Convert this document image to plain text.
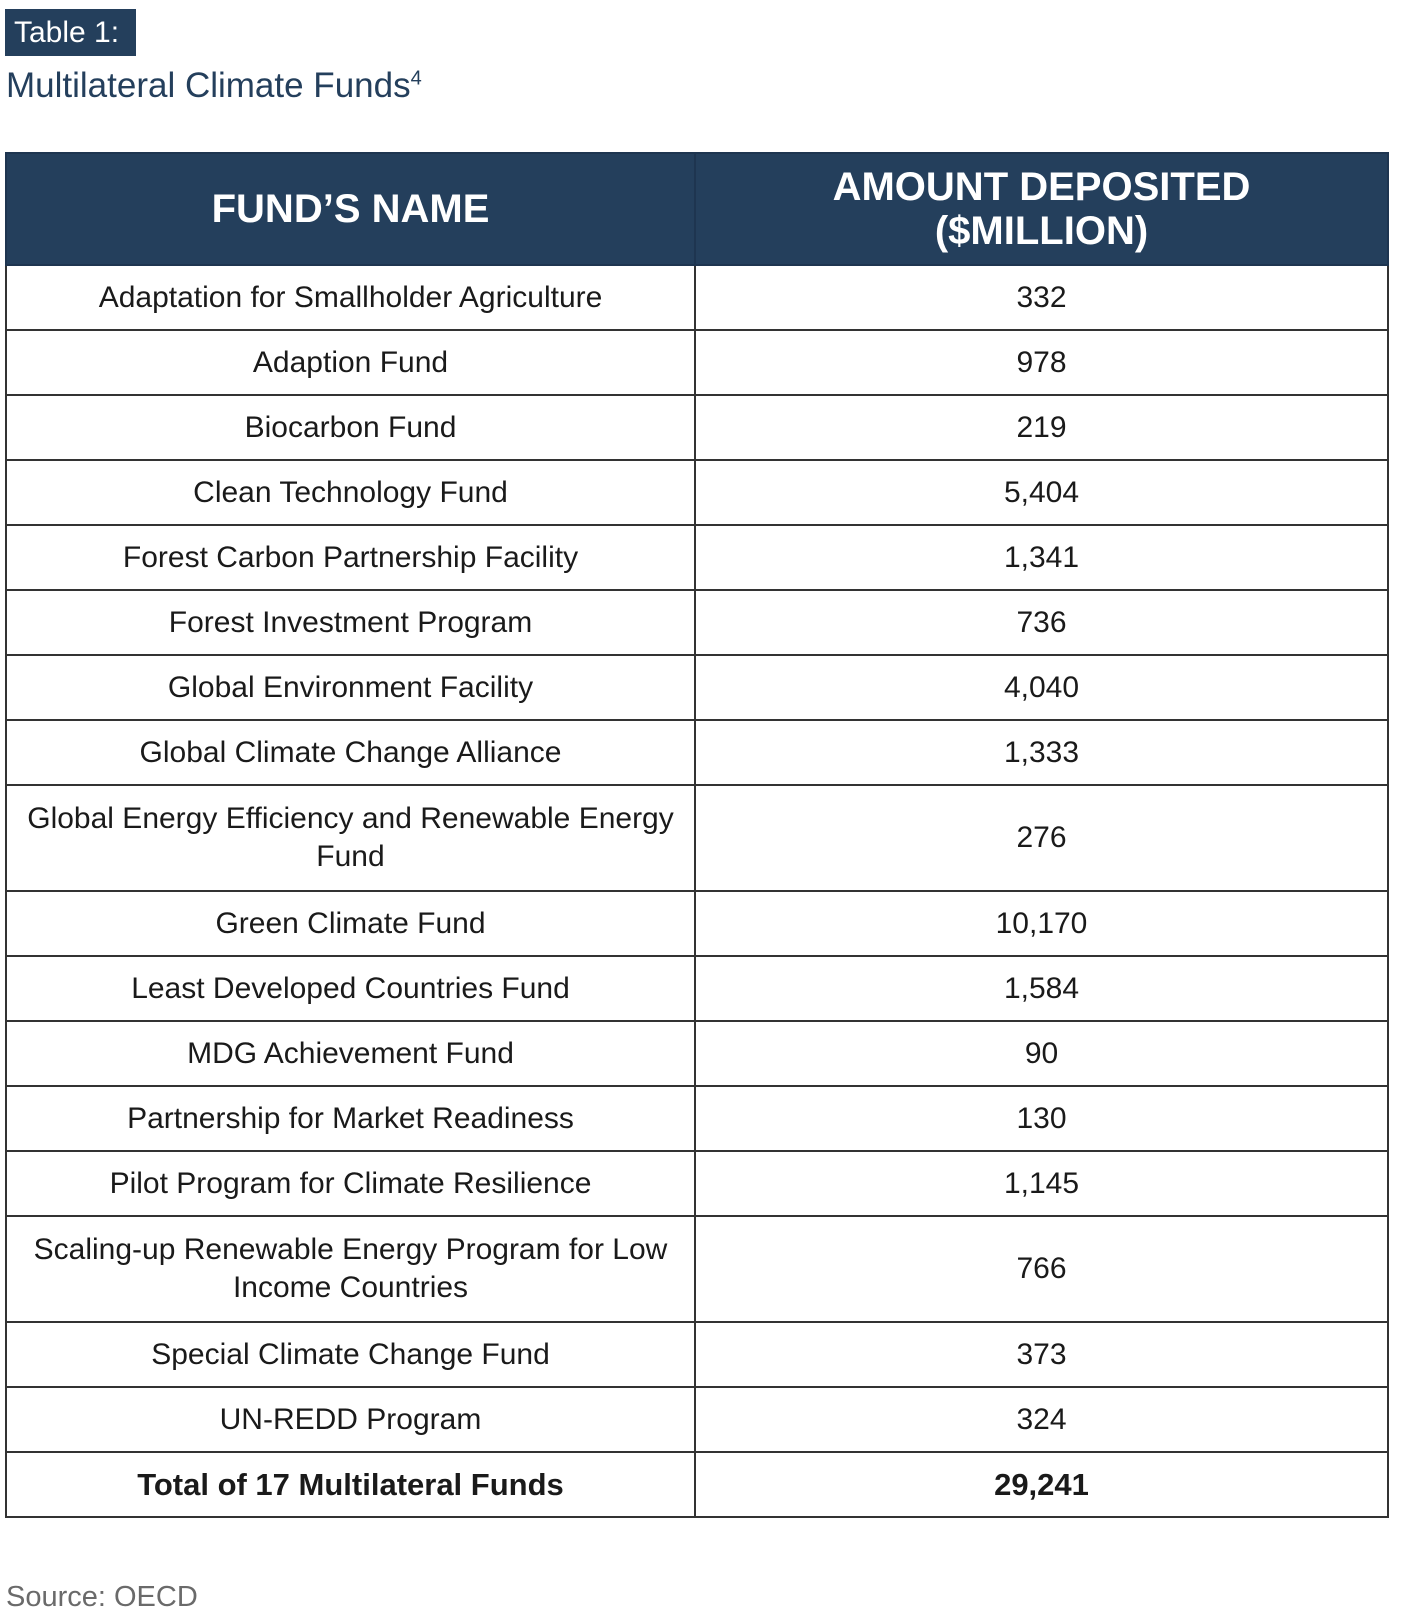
Table 1:
Multilateral Climate Funds$^4$
FUND’S NAME	AMOUNT DEPOSITED
($MILLION)
Adaptation for Smallholder Agriculture	332
Adaption Fund	978
Biocarbon Fund	219
Clean Technology Fund	5,404
Forest Carbon Partnership Facility	1,341
Forest Investment Program	736
Global Environment Facility	4,040
Global Climate Change Alliance	1,333
Global Energy Efficiency and Renewable Energy Fund	276
Green Climate Fund	10,170
Least Developed Countries Fund	1,584
MDG Achievement Fund	90
Partnership for Market Readiness	130
Pilot Program for Climate Resilience	1,145
Scaling-up Renewable Energy Program for Low Income Countries	766
Special Climate Change Fund	373
UN-REDD Program	324
Total of 17 Multilateral Funds	29,241
Source: OECD
